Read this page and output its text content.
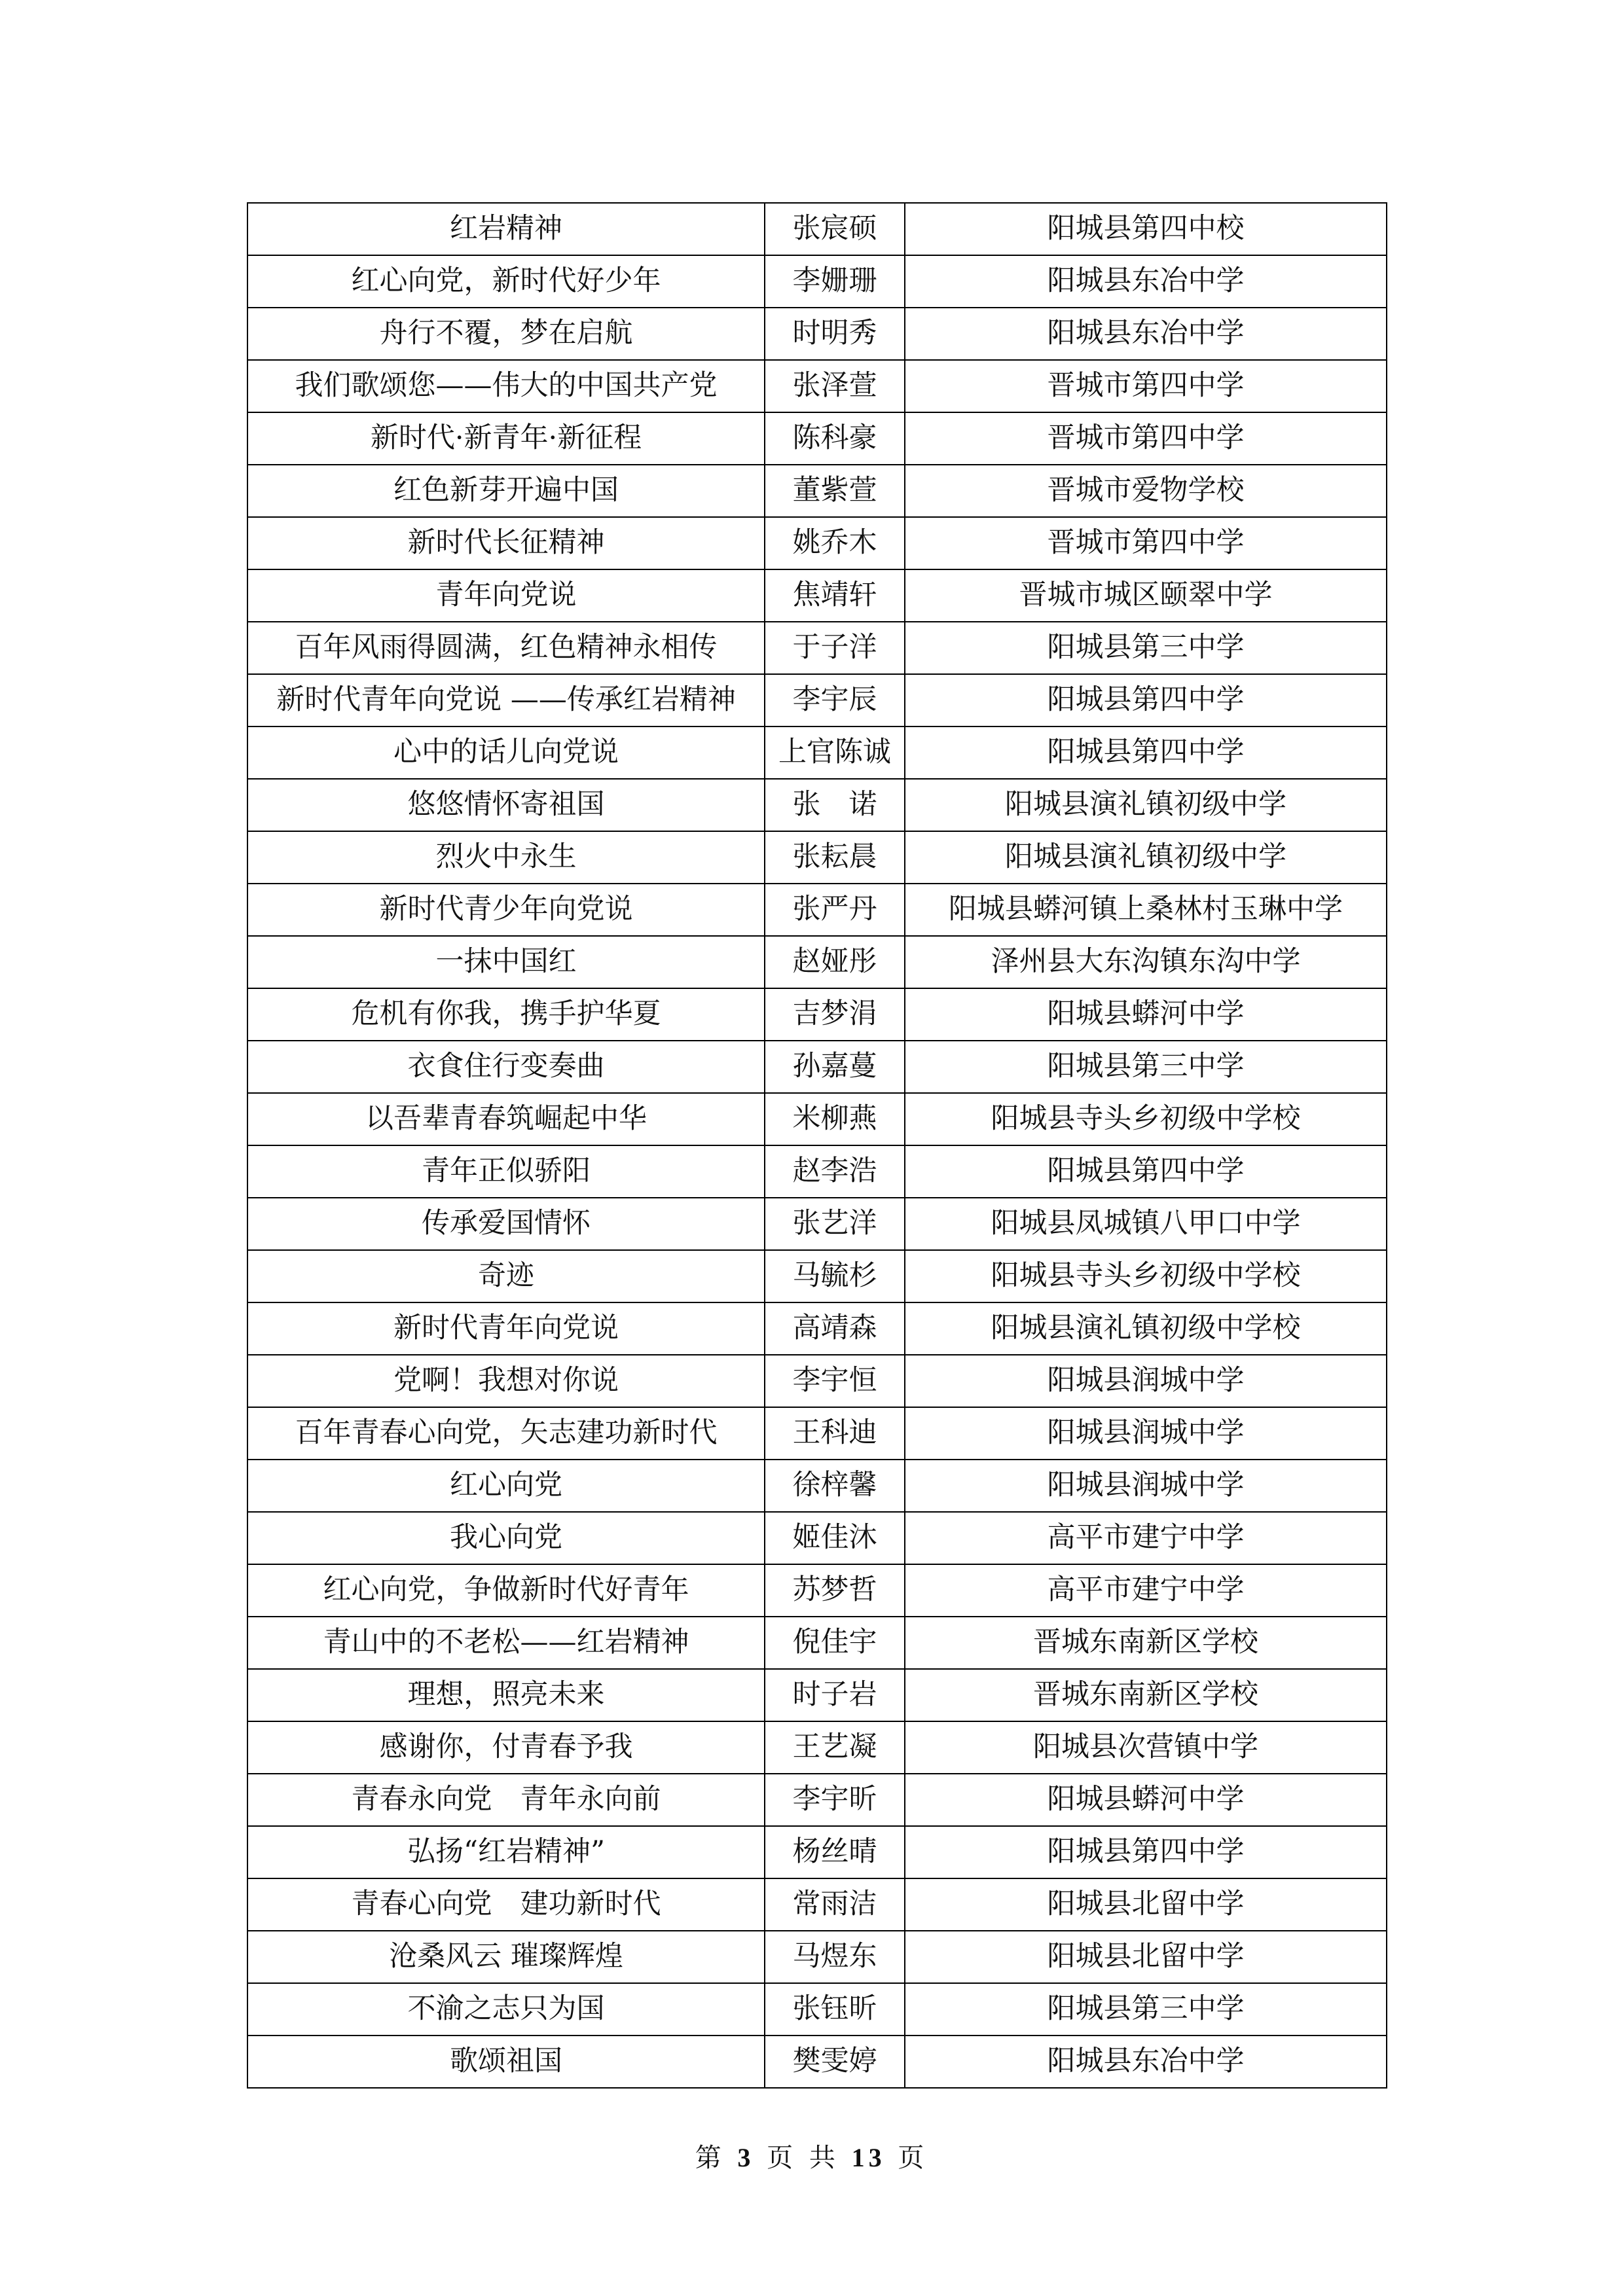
红岩精神	张宸硕	阳城县第四中校
红心向党，新时代好少年	李姗珊	阳城县东冶中学
舟行不覆，梦在启航	时明秀	阳城县东冶中学
我们歌颂您——伟大的中国共产党	张泽萱	晋城市第四中学
新时代·新青年·新征程	陈科豪	晋城市第四中学
红色新芽开遍中国	董紫萱	晋城市爱物学校
新时代长征精神	姚乔木	晋城市第四中学
青年向党说	焦靖轩	晋城市城区颐翠中学
百年风雨得圆满，红色精神永相传	于子洋	阳城县第三中学
新时代青年向党说 ——传承红岩精神	李宇辰	阳城县第四中学
心中的话儿向党说	上官陈诚	阳城县第四中学
悠悠情怀寄祖国	张　诺	阳城县演礼镇初级中学
烈火中永生	张耘晨	阳城县演礼镇初级中学
新时代青少年向党说	张严丹	阳城县蟒河镇上桑林村玉琳中学
一抹中国红	赵娅彤	泽州县大东沟镇东沟中学
危机有你我，携手护华夏	吉梦涓	阳城县蟒河中学
衣食住行变奏曲	孙嘉蔓	阳城县第三中学
以吾辈青春筑崛起中华	米柳燕	阳城县寺头乡初级中学校
青年正似骄阳	赵李浩	阳城县第四中学
传承爱国情怀	张艺洋	阳城县凤城镇八甲口中学
奇迹	马毓杉	阳城县寺头乡初级中学校
新时代青年向党说	高靖森	阳城县演礼镇初级中学校
党啊！我想对你说	李宇恒	阳城县润城中学
百年青春心向党，矢志建功新时代	王科迪	阳城县润城中学
红心向党	徐梓馨	阳城县润城中学
我心向党	姬佳沐	高平市建宁中学
红心向党，争做新时代好青年	苏梦哲	高平市建宁中学
青山中的不老松——红岩精神	倪佳宇	晋城东南新区学校
理想，照亮未来	时子岩	晋城东南新区学校
感谢你，付青春予我	王艺凝	阳城县次营镇中学
青春永向党　青年永向前	李宇昕	阳城县蟒河中学
弘扬“红岩精神”	杨丝晴	阳城县第四中学
青春心向党　建功新时代	常雨洁	阳城县北留中学
沧桑风云 璀璨辉煌	马煜东	阳城县北留中学
不渝之志只为国	张钰昕	阳城县第三中学
歌颂祖国	樊雯婷	阳城县东冶中学
第 3 页 共 13 页
